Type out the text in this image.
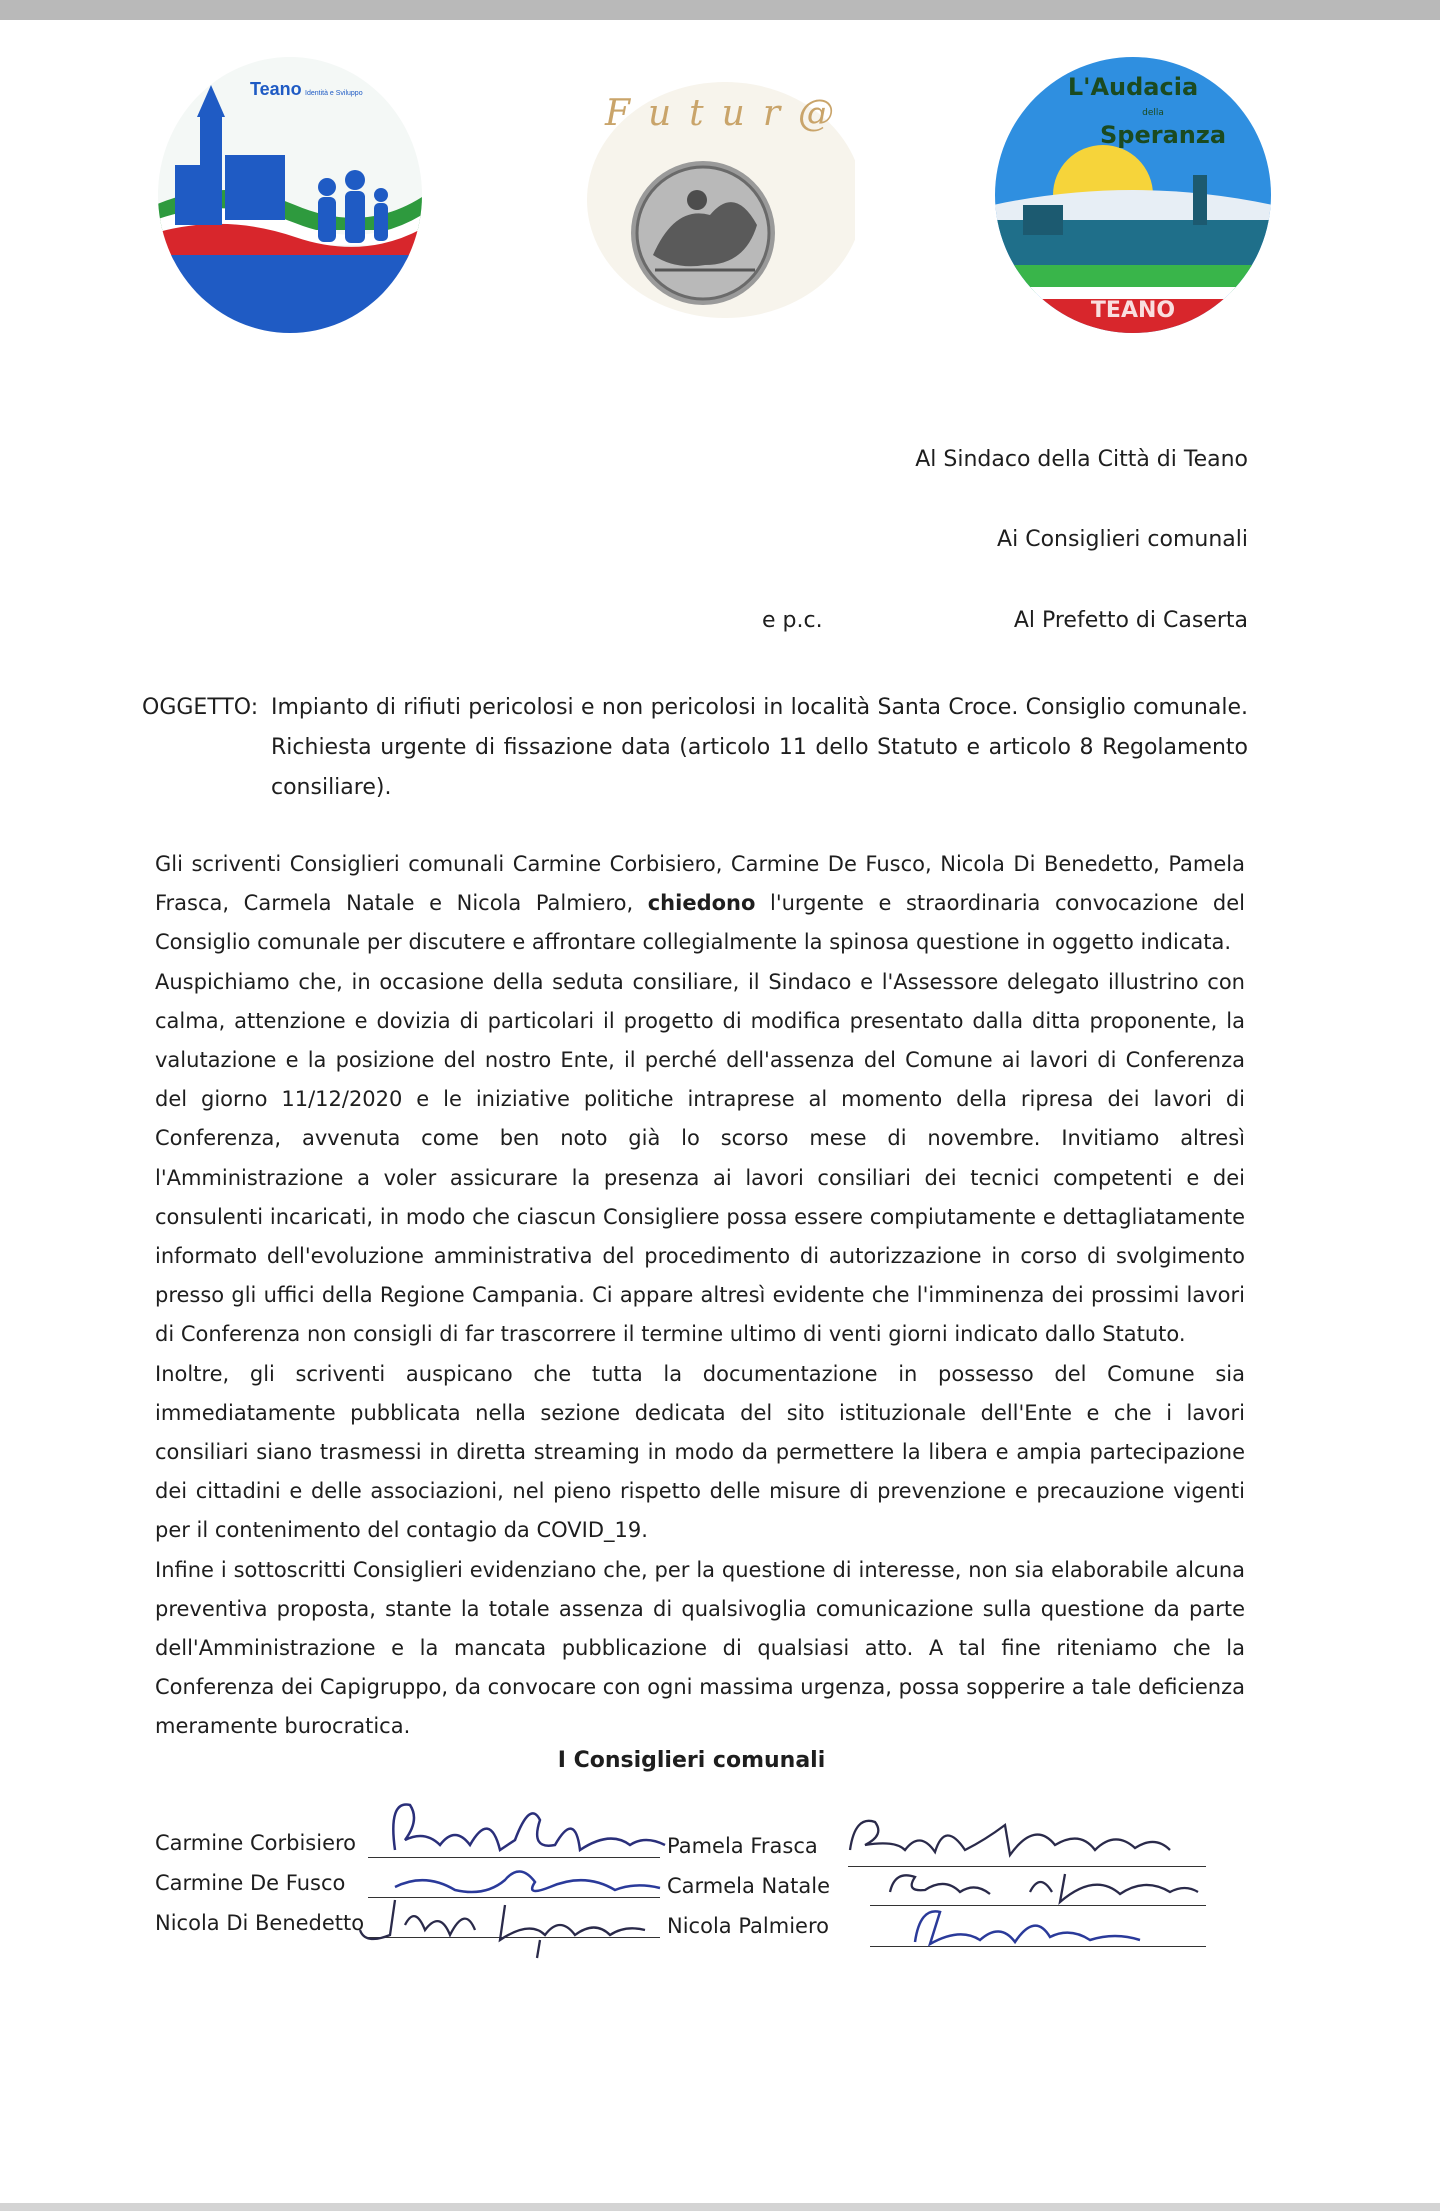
Teano Identità e Sviluppo	Futur@
L'Audacia
della
Speranza
TEANO
Al Sindaco della Città di Teano
Ai Consiglieri comunali
e p.c.	Al Prefetto di Caserta
OGGETTO: Impianto di rifiuti pericolosi e non pericolosi in località Santa Croce. Consiglio comunale. Richiesta urgente di fissazione data (articolo 11 dello Statuto e articolo 8 Regolamento consiliare).

Gli scriventi Consiglieri comunali Carmine Corbisiero, Carmine De Fusco, Nicola Di Benedetto, Pamela Frasca, Carmela Natale e Nicola Palmiero, chiedono l'urgente e straordinaria convocazione del Consiglio comunale per discutere e affrontare collegialmente la spinosa questione in oggetto indicata.

Auspichiamo che, in occasione della seduta consiliare, il Sindaco e l'Assessore delegato illustrino con calma, attenzione e dovizia di particolari il progetto di modifica presentato dalla ditta proponente, la valutazione e la posizione del nostro Ente, il perché dell'assenza del Comune ai lavori di Conferenza del giorno 11/12/2020 e le iniziative politiche intraprese al momento della ripresa dei lavori di Conferenza, avvenuta come ben noto già lo scorso mese di novembre. Invitiamo altresì l'Amministrazione a voler assicurare la presenza ai lavori consiliari dei tecnici competenti e dei consulenti incaricati, in modo che ciascun Consigliere possa essere compiutamente e dettagliatamente informato dell'evoluzione amministrativa del procedimento di autorizzazione in corso di svolgimento presso gli uffici della Regione Campania. Ci appare altresì evidente che l'imminenza dei prossimi lavori di Conferenza non consigli di far trascorrere il termine ultimo di venti giorni indicato dallo Statuto.

Inoltre, gli scriventi auspicano che tutta la documentazione in possesso del Comune sia immediatamente pubblicata nella sezione dedicata del sito istituzionale dell'Ente e che i lavori consiliari siano trasmessi in diretta streaming in modo da permettere la libera e ampia partecipazione dei cittadini e delle associazioni, nel pieno rispetto delle misure di prevenzione e precauzione vigenti per il contenimento del contagio da COVID_19.

Infine i sottoscritti Consiglieri evidenziano che, per la questione di interesse, non sia elaborabile alcuna preventiva proposta, stante la totale assenza di qualsivoglia comunicazione sulla questione da parte dell'Amministrazione e la mancata pubblicazione di qualsiasi atto. A tal fine riteniamo che la Conferenza dei Capigruppo, da convocare con ogni massima urgenza, possa sopperire a tale deficienza meramente burocratica.

I Consiglieri comunali
Carmine Corbisiero
Carmine De Fusco
Nicola Di Benedetto
Pamela Frasca
Carmela Natale
Nicola Palmiero
